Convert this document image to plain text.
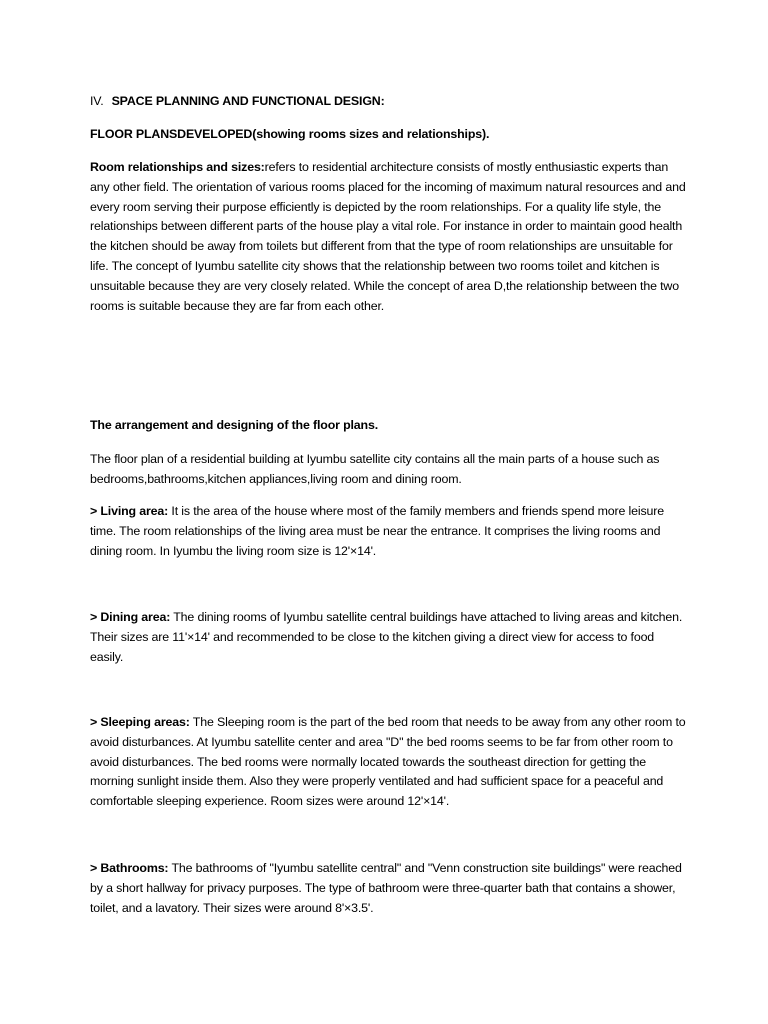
IV. SPACE PLANNING AND FUNCTIONAL DESIGN:

FLOOR PLANSDEVELOPED(showing rooms sizes and relationships).

Room relationships and sizes:refers to residential architecture consists of mostly enthusiastic experts than any other field. The orientation of various rooms placed for the incoming of maximum natural resources and and every room serving their purpose efficiently is depicted by the room relationships. For a quality life style, the relationships between different parts of the house play a vital role. For instance in order to maintain good health the kitchen should be away from toilets but different from that the type of room relationships are unsuitable for life. The concept of Iyumbu satellite city shows that the relationship between two rooms toilet and kitchen is unsuitable because they are very closely related. While the concept of area D,the relationship between the two rooms is suitable because they are far from each other.

The arrangement and designing of the floor plans.

The floor plan of a residential building at Iyumbu satellite city contains all the main parts of a house such as bedrooms,bathrooms,kitchen appliances,living room and dining room.

> Living area: It is the area of the house where most of the family members and friends spend more leisure time. The room relationships of the living area must be near the entrance. It comprises the living rooms and dining room. In Iyumbu the living room size is 12'×14'.

> Dining area: The dining rooms of Iyumbu satellite central buildings have attached to living areas and kitchen. Their sizes are 11'×14' and recommended to be close to the kitchen giving a direct view for access to food easily.

> Sleeping areas: The Sleeping room is the part of the bed room that needs to be away from any other room to avoid disturbances. At Iyumbu satellite center and area "D" the bed rooms seems to be far from other room to avoid disturbances. The bed rooms were normally located towards the southeast direction for getting the morning sunlight inside them. Also they were properly ventilated and had sufficient space for a peaceful and comfortable sleeping experience. Room sizes were around 12'×14'.

> Bathrooms: The bathrooms of "Iyumbu satellite central" and "Venn construction site buildings" were reached by a short hallway for privacy purposes. The type of bathroom were three-quarter bath that contains a shower, toilet, and a lavatory. Their sizes were around 8'×3.5'.
